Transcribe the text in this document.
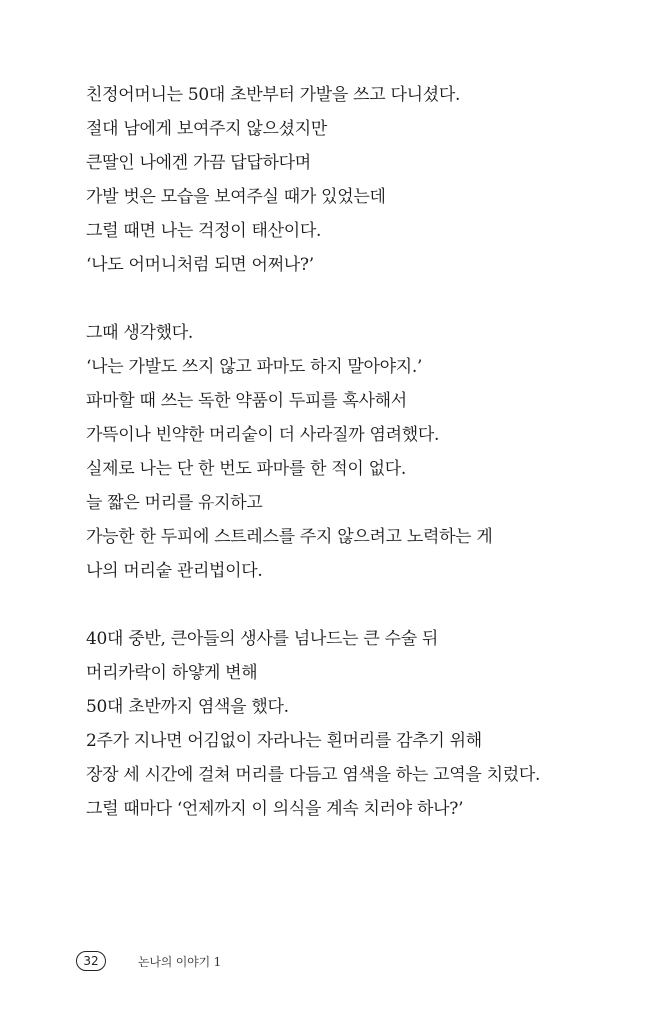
친정어머니는 50대 초반부터 가발을 쓰고 다니셨다.
절대 남에게 보여주지 않으셨지만
큰딸인 나에겐 가끔 답답하다며
가발 벗은 모습을 보여주실 때가 있었는데
그럴 때면 나는 걱정이 태산이다.
‘나도 어머니처럼 되면 어쩌나?’
그때 생각했다.
‘나는 가발도 쓰지 않고 파마도 하지 말아야지.’
파마할 때 쓰는 독한 약품이 두피를 혹사해서
가뜩이나 빈약한 머리숱이 더 사라질까 염려했다.
실제로 나는 단 한 번도 파마를 한 적이 없다.
늘 짧은 머리를 유지하고
가능한 한 두피에 스트레스를 주지 않으려고 노력하는 게
나의 머리숱 관리법이다.
40대 중반, 큰아들의 생사를 넘나드는 큰 수술 뒤
머리카락이 하얗게 변해
50대 초반까지 염색을 했다.
2주가 지나면 어김없이 자라나는 흰머리를 감추기 위해
장장 세 시간에 걸쳐 머리를 다듬고 염색을 하는 고역을 치렀다.
그럴 때마다 ‘언제까지 이 의식을 계속 치러야 하나?’
32	논나의 이야기 1
